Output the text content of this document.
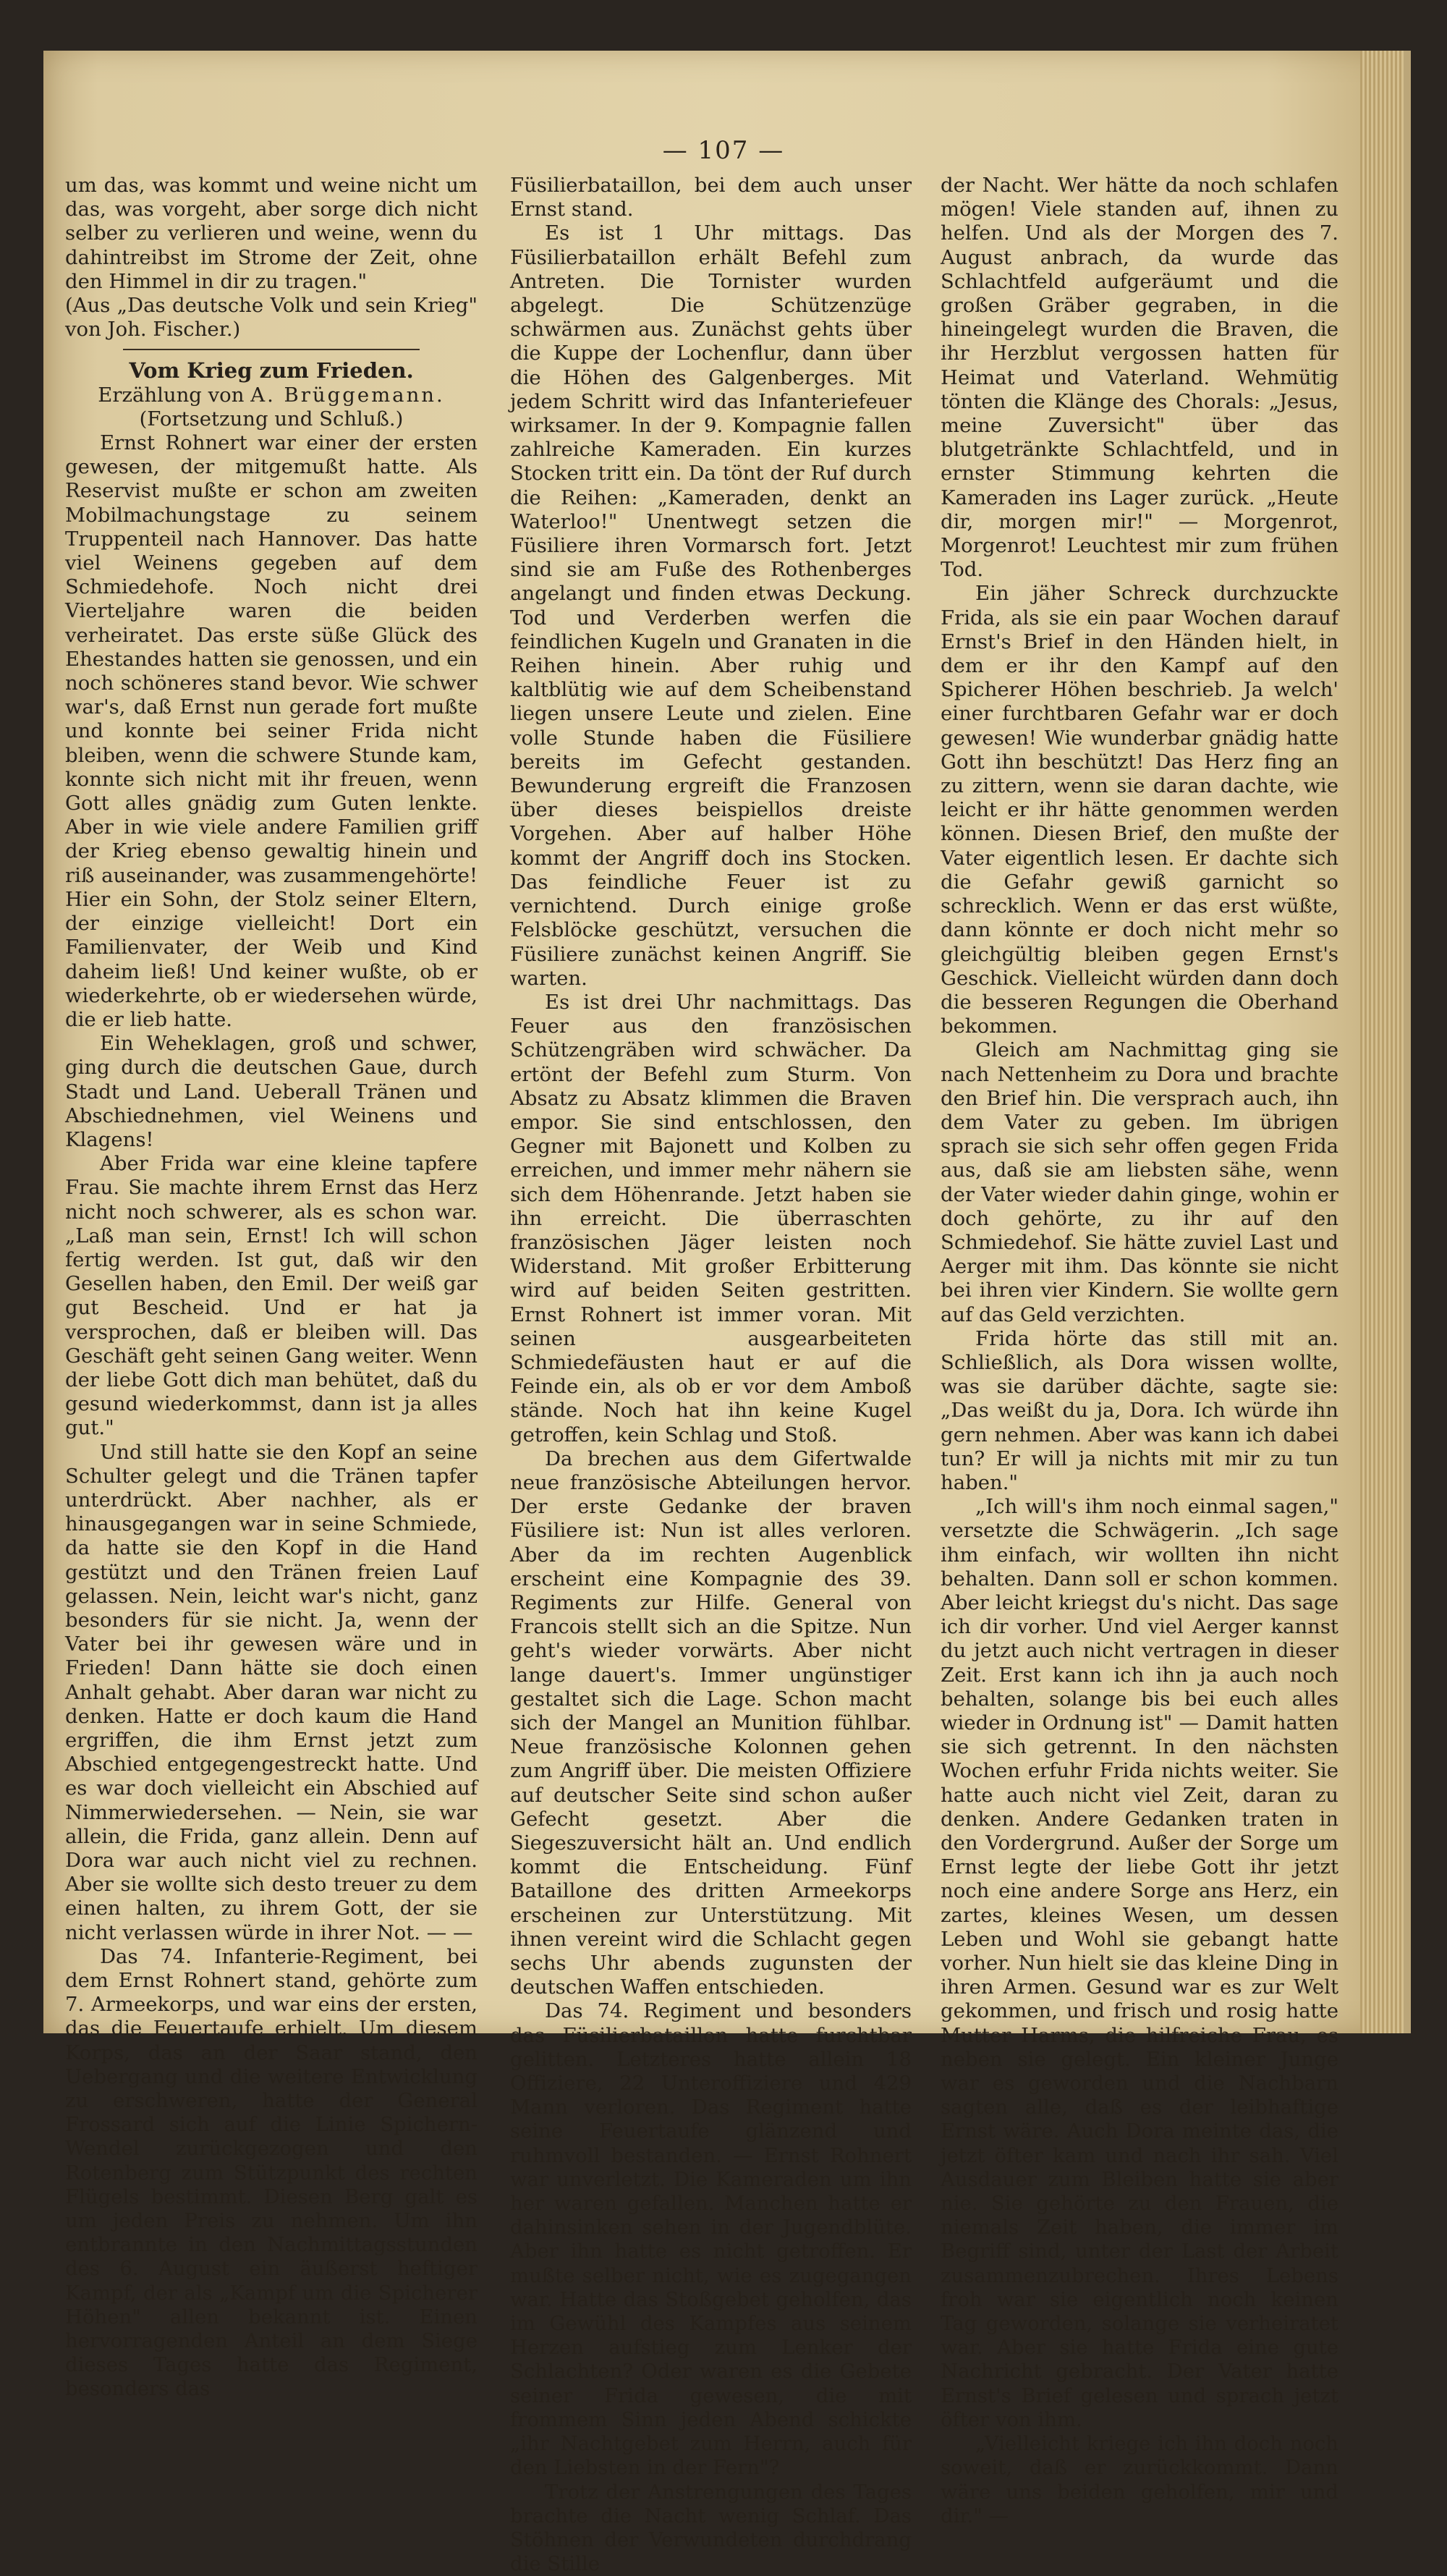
— 107 —

um das, was kommt und weine nicht um das, was vorgeht, aber sorge dich nicht selber zu verlieren und weine, wenn du dahintreibst im Strome der Zeit, ohne den Himmel in dir zu tragen."

(Aus „Das deutsche Volk und sein Krieg" von Joh. Fischer.)

Vom Krieg zum Frieden.
Erzählung von A. Brüggemann.
(Fortsetzung und Schluß.)

Ernst Rohnert war einer der ersten gewesen, der mitgemußt hatte. Als Reservist mußte er schon am zweiten Mobilmachungstage zu seinem Truppenteil nach Hannover. Das hatte viel Weinens gegeben auf dem Schmiedehofe. Noch nicht drei Vierteljahre waren die beiden verheiratet. Das erste süße Glück des Ehestandes hatten sie genossen, und ein noch schöneres stand bevor. Wie schwer war's, daß Ernst nun gerade fort mußte und konnte bei seiner Frida nicht bleiben, wenn die schwere Stunde kam, konnte sich nicht mit ihr freuen, wenn Gott alles gnädig zum Guten lenkte. Aber in wie viele andere Familien griff der Krieg ebenso gewaltig hinein und riß auseinander, was zusammengehörte! Hier ein Sohn, der Stolz seiner Eltern, der einzige vielleicht! Dort ein Familienvater, der Weib und Kind daheim ließ! Und keiner wußte, ob er wiederkehrte, ob er wiedersehen würde, die er lieb hatte.

Ein Weheklagen, groß und schwer, ging durch die deutschen Gaue, durch Stadt und Land. Ueberall Tränen und Abschiednehmen, viel Weinens und Klagens!

Aber Frida war eine kleine tapfere Frau. Sie machte ihrem Ernst das Herz nicht noch schwerer, als es schon war. „Laß man sein, Ernst! Ich will schon fertig werden. Ist gut, daß wir den Gesellen haben, den Emil. Der weiß gar gut Bescheid. Und er hat ja versprochen, daß er bleiben will. Das Geschäft geht seinen Gang weiter. Wenn der liebe Gott dich man behütet, daß du gesund wiederkommst, dann ist ja alles gut."

Und still hatte sie den Kopf an seine Schulter gelegt und die Tränen tapfer unterdrückt. Aber nachher, als er hinausgegangen war in seine Schmiede, da hatte sie den Kopf in die Hand gestützt und den Tränen freien Lauf gelassen. Nein, leicht war's nicht, ganz besonders für sie nicht. Ja, wenn der Vater bei ihr gewesen wäre und in Frieden! Dann hätte sie doch einen Anhalt gehabt. Aber daran war nicht zu denken. Hatte er doch kaum die Hand ergriffen, die ihm Ernst jetzt zum Abschied entgegengestreckt hatte. Und es war doch vielleicht ein Abschied auf Nimmerwiedersehen. — Nein, sie war allein, die Frida, ganz allein. Denn auf Dora war auch nicht viel zu rechnen. Aber sie wollte sich desto treuer zu dem einen halten, zu ihrem Gott, der sie nicht verlassen würde in ihrer Not. — —

Das 74. Infanterie-Regiment, bei dem Ernst Rohnert stand, gehörte zum 7. Armeekorps, und war eins der ersten, das die Feuertaufe erhielt. Um diesem Korps, das an der Saar stand, den Uebergang und die weitere Entwicklung zu erschweren, hatte der General Frossard sich auf die Linie Spichern-Wendel zurückgezogen und den Rotenberg zum Stützpunkt des rechten Flügels bestimmt. Diesen Berg galt es um jeden Preis zu nehmen. Um ihn entbrannte in den Nachmittagsstunden des 6. August ein äußerst heftiger Kampf, der als „Kampf um die Spicherer Höhen" allen bekannt ist. Einen hervorragenden Anteil an dem Siege dieses Tages hatte das Regiment, besonders das

Füsilierbataillon, bei dem auch unser Ernst stand.

Es ist 1 Uhr mittags. Das Füsilierbataillon erhält Befehl zum Antreten. Die Tornister wurden abgelegt. Die Schützenzüge schwärmen aus. Zunächst gehts über die Kuppe der Lochenflur, dann über die Höhen des Galgenberges. Mit jedem Schritt wird das Infanteriefeuer wirksamer. In der 9. Kompagnie fallen zahlreiche Kameraden. Ein kurzes Stocken tritt ein. Da tönt der Ruf durch die Reihen: „Kameraden, denkt an Waterloo!" Unentwegt setzen die Füsiliere ihren Vormarsch fort. Jetzt sind sie am Fuße des Rothenberges angelangt und finden etwas Deckung. Tod und Verderben werfen die feindlichen Kugeln und Granaten in die Reihen hinein. Aber ruhig und kaltblütig wie auf dem Scheibenstand liegen unsere Leute und zielen. Eine volle Stunde haben die Füsiliere bereits im Gefecht gestanden. Bewunderung ergreift die Franzosen über dieses beispiellos dreiste Vorgehen. Aber auf halber Höhe kommt der Angriff doch ins Stocken. Das feindliche Feuer ist zu vernichtend. Durch einige große Felsblöcke geschützt, versuchen die Füsiliere zunächst keinen Angriff. Sie warten.

Es ist drei Uhr nachmittags. Das Feuer aus den französischen Schützengräben wird schwächer. Da ertönt der Befehl zum Sturm. Von Absatz zu Absatz klimmen die Braven empor. Sie sind entschlossen, den Gegner mit Bajonett und Kolben zu erreichen, und immer mehr nähern sie sich dem Höhenrande. Jetzt haben sie ihn erreicht. Die überraschten französischen Jäger leisten noch Widerstand. Mit großer Erbitterung wird auf beiden Seiten gestritten. Ernst Rohnert ist immer voran. Mit seinen ausgearbeiteten Schmiedefäusten haut er auf die Feinde ein, als ob er vor dem Amboß stände. Noch hat ihn keine Kugel getroffen, kein Schlag und Stoß.

Da brechen aus dem Gifertwalde neue französische Abteilungen hervor. Der erste Gedanke der braven Füsiliere ist: Nun ist alles verloren. Aber da im rechten Augenblick erscheint eine Kompagnie des 39. Regiments zur Hilfe. General von Francois stellt sich an die Spitze. Nun geht's wieder vorwärts. Aber nicht lange dauert's. Immer ungünstiger gestaltet sich die Lage. Schon macht sich der Mangel an Munition fühlbar. Neue französische Kolonnen gehen zum Angriff über. Die meisten Offiziere auf deutscher Seite sind schon außer Gefecht gesetzt. Aber die Siegeszuversicht hält an. Und endlich kommt die Entscheidung. Fünf Bataillone des dritten Armeekorps erscheinen zur Unterstützung. Mit ihnen vereint wird die Schlacht gegen sechs Uhr abends zugunsten der deutschen Waffen entschieden.

Das 74. Regiment und besonders das Füsilierbataillon hatte furchtbar gelitten. Letzteres hatte allein 18 Offiziere, 22 Unteroffiziere und 429 Mann verloren. Das Regiment hatte seine Feuertaufe glänzend und ruhmvoll bestanden. — Ernst Rohnert war unverletzt. Die Kameraden um ihn her waren gefallen. Manchen hatte er dahinsinken sehen in der Jugendblüte. Aber ihn hatte es nicht getroffen. Er mußte selber nicht, wie es zugegangen war. Hatte das Stoßgebet geholfen, das im Gewühl des Kampfes aus seinem Herzen aufstieg zum Lenker der Schlachten? Oder waren es die Gebete seiner Frida gewesen, die mit frommem Sinn jeden Abend schickte „ihr Nachtgebet zum Herrn, auch für den Liebsten in der Fern"?

Trotz der Anstrengungen des Tages brachte die Nacht wenig Schlaf. Das Stöhnen der Verwundeten durchdrang die Stille

der Nacht. Wer hätte da noch schlafen mögen! Viele standen auf, ihnen zu helfen. Und als der Morgen des 7. August anbrach, da wurde das Schlachtfeld aufgeräumt und die großen Gräber gegraben, in die hineingelegt wurden die Braven, die ihr Herzblut vergossen hatten für Heimat und Vaterland. Wehmütig tönten die Klänge des Chorals: „Jesus, meine Zuversicht" über das blutgetränkte Schlachtfeld, und in ernster Stimmung kehrten die Kameraden ins Lager zurück. „Heute dir, morgen mir!" — Morgenrot, Morgenrot! Leuchtest mir zum frühen Tod.

Ein jäher Schreck durchzuckte Frida, als sie ein paar Wochen darauf Ernst's Brief in den Händen hielt, in dem er ihr den Kampf auf den Spicherer Höhen beschrieb. Ja welch' einer furchtbaren Gefahr war er doch gewesen! Wie wunderbar gnädig hatte Gott ihn beschützt! Das Herz fing an zu zittern, wenn sie daran dachte, wie leicht er ihr hätte genommen werden können. Diesen Brief, den mußte der Vater eigentlich lesen. Er dachte sich die Gefahr gewiß garnicht so schrecklich. Wenn er das erst wüßte, dann könnte er doch nicht mehr so gleichgültig bleiben gegen Ernst's Geschick. Vielleicht würden dann doch die besseren Regungen die Oberhand bekommen.

Gleich am Nachmittag ging sie nach Nettenheim zu Dora und brachte den Brief hin. Die versprach auch, ihn dem Vater zu geben. Im übrigen sprach sie sich sehr offen gegen Frida aus, daß sie am liebsten sähe, wenn der Vater wieder dahin ginge, wohin er doch gehörte, zu ihr auf den Schmiedehof. Sie hätte zuviel Last und Aerger mit ihm. Das könnte sie nicht bei ihren vier Kindern. Sie wollte gern auf das Geld verzichten.

Frida hörte das still mit an. Schließlich, als Dora wissen wollte, was sie darüber dächte, sagte sie: „Das weißt du ja, Dora. Ich würde ihn gern nehmen. Aber was kann ich dabei tun? Er will ja nichts mit mir zu tun haben."

„Ich will's ihm noch einmal sagen," versetzte die Schwägerin. „Ich sage ihm einfach, wir wollten ihn nicht behalten. Dann soll er schon kommen. Aber leicht kriegst du's nicht. Das sage ich dir vorher. Und viel Aerger kannst du jetzt auch nicht vertragen in dieser Zeit. Erst kann ich ihn ja auch noch behalten, solange bis bei euch alles wieder in Ordnung ist" — Damit hatten sie sich getrennt. In den nächsten Wochen erfuhr Frida nichts weiter. Sie hatte auch nicht viel Zeit, daran zu denken. Andere Gedanken traten in den Vordergrund. Außer der Sorge um Ernst legte der liebe Gott ihr jetzt noch eine andere Sorge ans Herz, ein zartes, kleines Wesen, um dessen Leben und Wohl sie gebangt hatte vorher. Nun hielt sie das kleine Ding in ihren Armen. Gesund war es zur Welt gekommen, und frisch und rosig hatte Mutter Harms, die hilfreiche Frau, es neben sie gelegt. Ein kleiner Junge war es geworden und die Nachbarn sagten alle, daß es der leibhaftige Ernst wäre. Auch Dora meinte das, die jetzt öfter kam und nach ihr sah. Viel Ausdauer zum Bleiben hatte sie aber nie. Sie gehörte zu den Frauen, die niemals Zeit haben, die immer im Begriff sind, unter der Last der Arbeit zusammenzubrechen. Ihres Lebens froh war sie eigentlich noch keinen Tag geworden, solange sie verheiratet war. Aber sie hatte Frida eine gute Nachricht gebracht. Der Vater hatte Ernst's Brief gelesen und sprach jetzt öfter von ihm.

„Vielleicht kriege ich ihn doch noch soweit, daß er zurückkommt. Dann wäre uns beiden geholfen, mir und dir." —
